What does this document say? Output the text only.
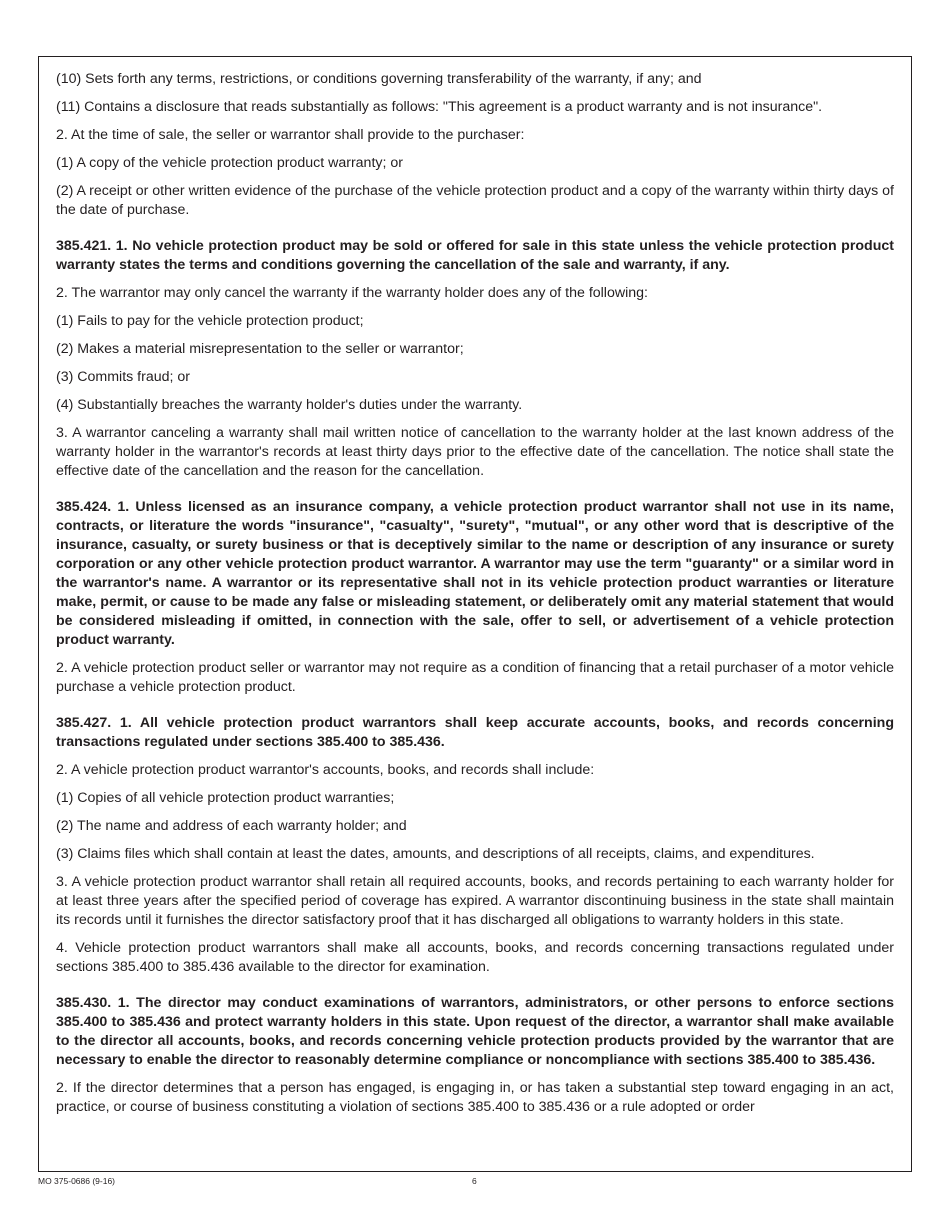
(10) Sets forth any terms, restrictions, or conditions governing transferability of the warranty, if any; and

(11) Contains a disclosure that reads substantially as follows: "This agreement is a product warranty and is not insurance".

2. At the time of sale, the seller or warrantor shall provide to the purchaser:

(1) A copy of the vehicle protection product warranty; or

(2) A receipt or other written evidence of the purchase of the vehicle protection product and a copy of the warranty within thirty days of the date of purchase.

385.421. 1. No vehicle protection product may be sold or offered for sale in this state unless the vehicle protection product warranty states the terms and conditions governing the cancellation of the sale and warranty, if any.

2. The warrantor may only cancel the warranty if the warranty holder does any of the following:

(1) Fails to pay for the vehicle protection product;

(2) Makes a material misrepresentation to the seller or warrantor;

(3) Commits fraud; or

(4) Substantially breaches the warranty holder's duties under the warranty.

3. A warrantor canceling a warranty shall mail written notice of cancellation to the warranty holder at the last known address of the warranty holder in the warrantor's records at least thirty days prior to the effective date of the cancellation. The notice shall state the effective date of the cancellation and the reason for the cancellation.

385.424. 1. Unless licensed as an insurance company, a vehicle protection product warrantor shall not use in its name, contracts, or literature the words "insurance", "casualty", "surety", "mutual", or any other word that is descriptive of the insurance, casualty, or surety business or that is deceptively similar to the name or description of any insurance or surety corporation or any other vehicle protection product warrantor. A warrantor may use the term "guaranty" or a similar word in the warrantor's name. A warrantor or its representative shall not in its vehicle protection product warranties or literature make, permit, or cause to be made any false or misleading statement, or deliberately omit any material statement that would be considered misleading if omitted, in connection with the sale, offer to sell, or advertisement of a vehicle protection product warranty.

2. A vehicle protection product seller or warrantor may not require as a condition of financing that a retail purchaser of a motor vehicle purchase a vehicle protection product.

385.427. 1. All vehicle protection product warrantors shall keep accurate accounts, books, and records concerning transactions regulated under sections 385.400 to 385.436.

2. A vehicle protection product warrantor's accounts, books, and records shall include:

(1) Copies of all vehicle protection product warranties;

(2) The name and address of each warranty holder; and

(3) Claims files which shall contain at least the dates, amounts, and descriptions of all receipts, claims, and expenditures.

3. A vehicle protection product warrantor shall retain all required accounts, books, and records pertaining to each warranty holder for at least three years after the specified period of coverage has expired. A warrantor discontinuing business in the state shall maintain its records until it furnishes the director satisfactory proof that it has discharged all obligations to warranty holders in this state.

4. Vehicle protection product warrantors shall make all accounts, books, and records concerning transactions regulated under sections 385.400 to 385.436 available to the director for examination.

385.430. 1. The director may conduct examinations of warrantors, administrators, or other persons to enforce sections 385.400 to 385.436 and protect warranty holders in this state. Upon request of the director, a warrantor shall make available to the director all accounts, books, and records concerning vehicle protection products provided by the warrantor that are necessary to enable the director to reasonably determine compliance or noncompliance with sections 385.400 to 385.436.

2. If the director determines that a person has engaged, is engaging in, or has taken a substantial step toward engaging in an act, practice, or course of business constituting a violation of sections 385.400 to 385.436 or a rule adopted or order

MO 375-0686 (9-16)	6
